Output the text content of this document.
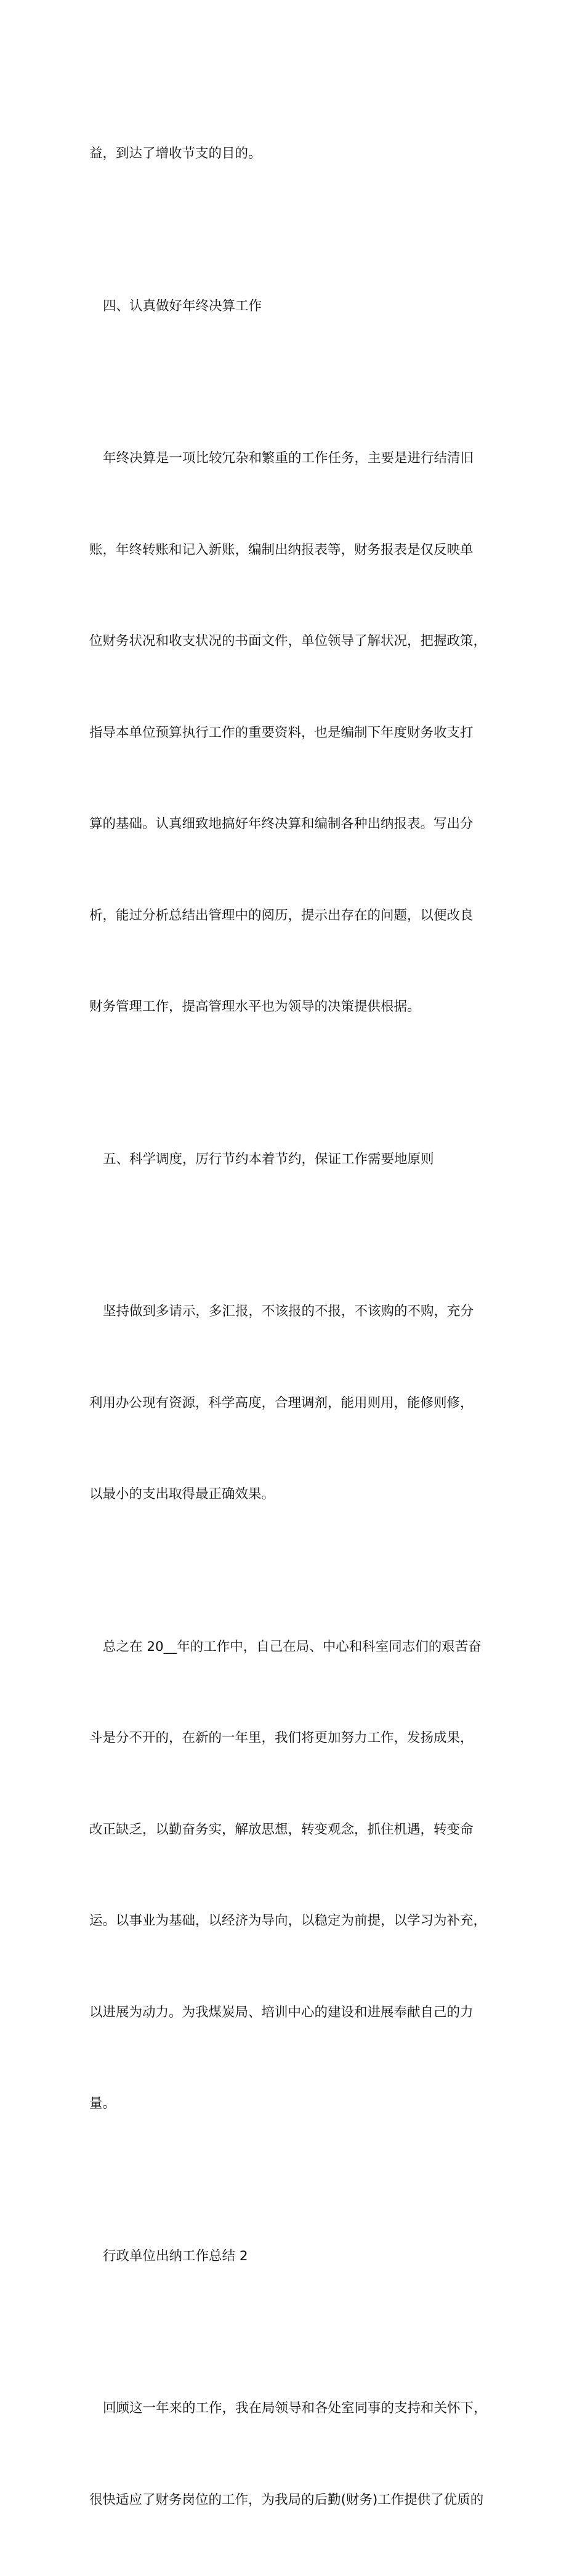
益，到达了增收节支的目的。

四、认真做好年终决算工作

年终决算是一项比较冗杂和繁重的工作任务，主要是进行结清旧

账，年终转账和记入新账，编制出纳报表等，财务报表是仅反映单

位财务状况和收支状况的书面文件，单位领导了解状况，把握政策，

指导本单位预算执行工作的重要资料，也是编制下年度财务收支打

算的基础。认真细致地搞好年终决算和编制各种出纳报表。写出分

析，能过分析总结出管理中的阅历，提示出存在的问题，以便改良

财务管理工作，提高管理水平也为领导的决策提供根据。

五、科学调度，厉行节约本着节约，保证工作需要地原则

坚持做到多请示，多汇报，不该报的不报，不该购的不购，充分

利用办公现有资源，科学高度，合理调剂，能用则用，能修则修，

以最小的支出取得最正确效果。

总之在 20__年的工作中，自己在局、中心和科室同志们的艰苦奋

斗是分不开的，在新的一年里，我们将更加努力工作，发扬成果，

改正缺乏，以勤奋务实，解放思想，转变观念，抓住机遇，转变命

运。以事业为基础，以经济为导向，以稳定为前提，以学习为补充，

以进展为动力。为我煤炭局、培训中心的建设和进展奉献自己的力

量。

行政单位出纳工作总结 2

回顾这一年来的工作，我在局领导和各处室同事的支持和关怀下，

很快适应了财务岗位的工作，为我局的后勤(财务)工作提供了优质的
